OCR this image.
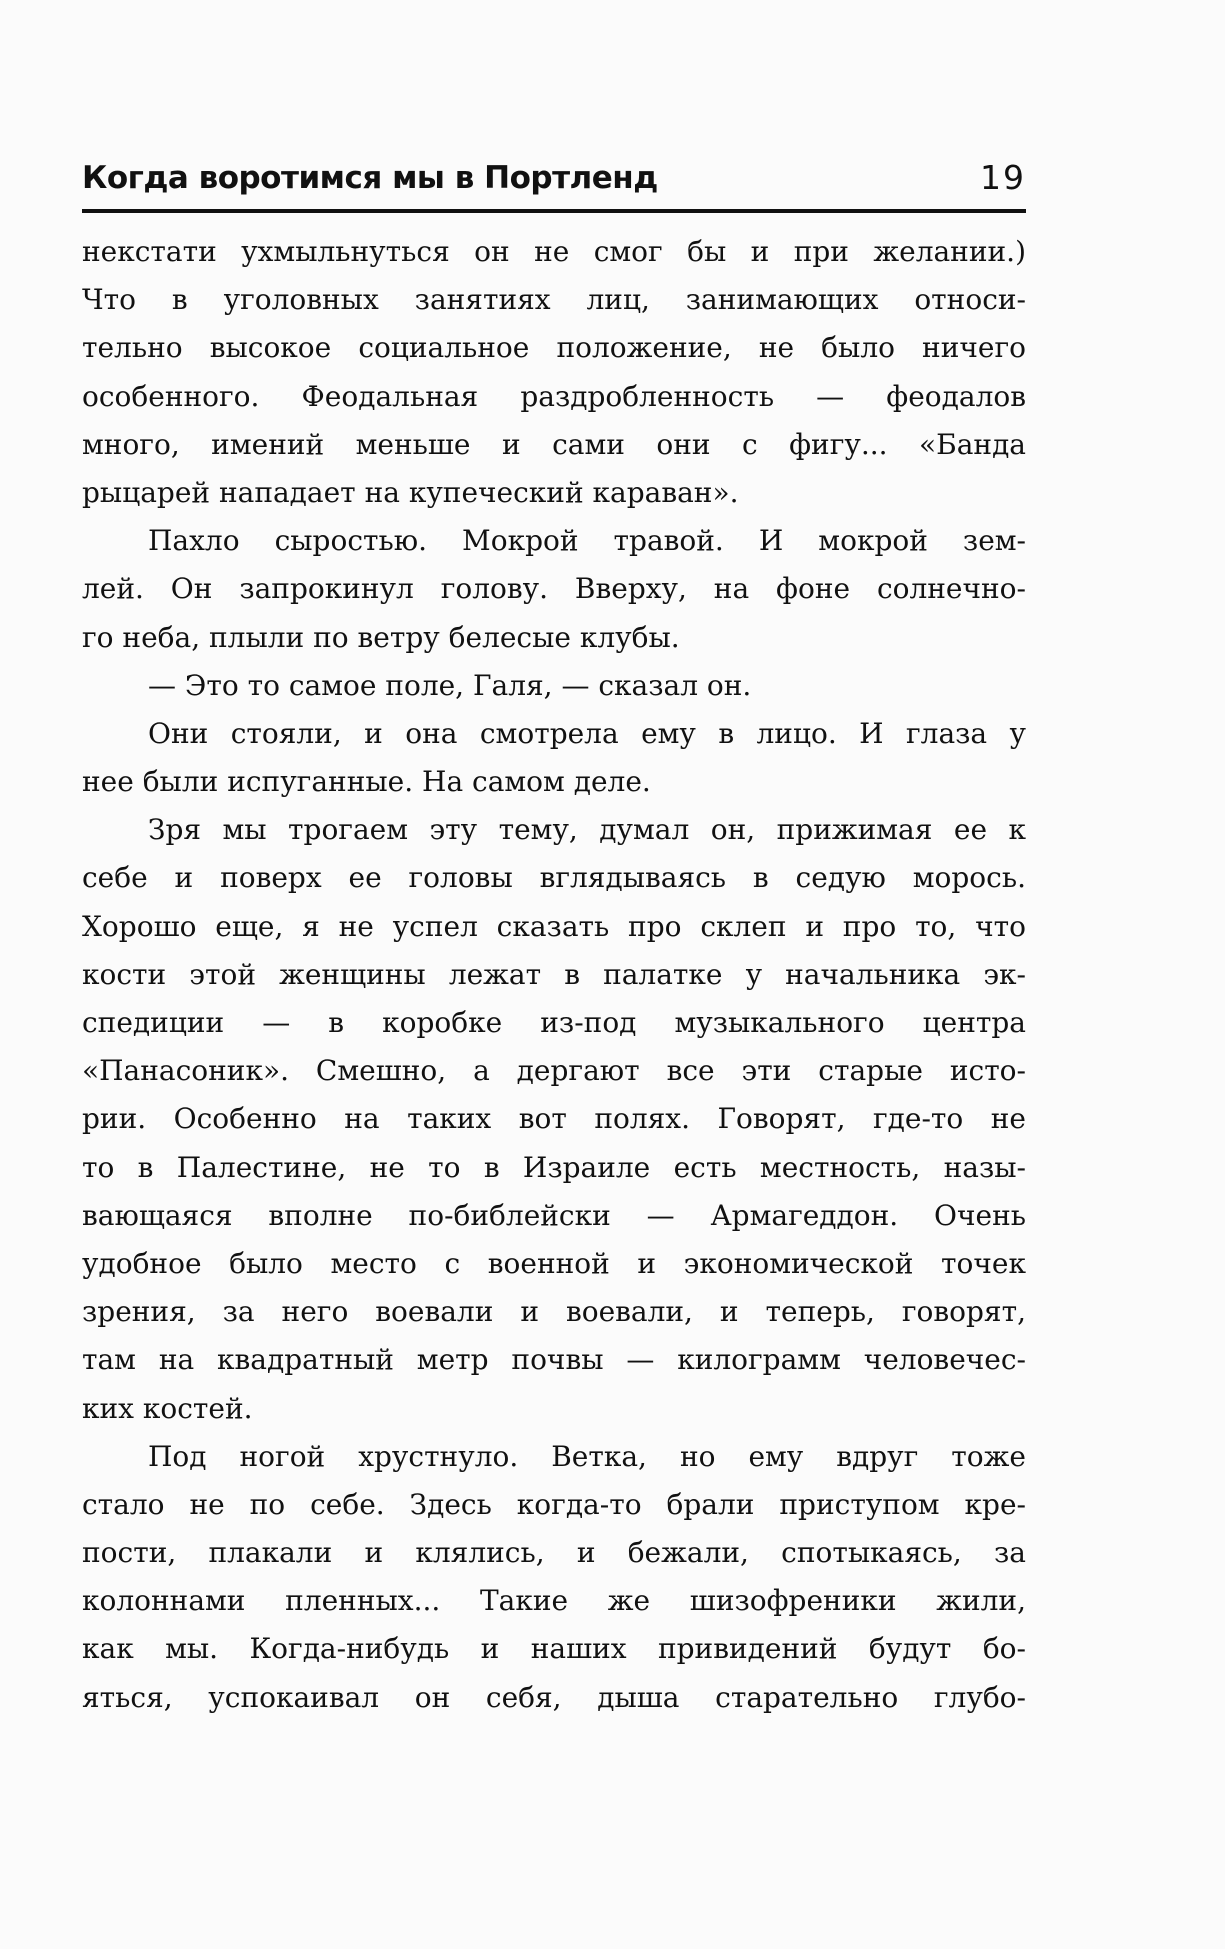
Когда воротимся мы в Портленд	19
некстати ухмыльнуться он не смог бы и при желании.)
Что в уголовных занятиях лиц, занимающих относи-
тельно высокое социальное положение, не было ничего
особенного. Феодальная раздробленность — феодалов
много, имений меньше и сами они с фигу... «Банда
рыцарей нападает на купеческий караван».
Пахло сыростью. Мокрой травой. И мокрой зем-
лей. Он запрокинул голову. Вверху, на фоне солнечно-
го неба, плыли по ветру белесые клубы.
— Это то самое поле, Галя, — сказал он.
Они стояли, и она смотрела ему в лицо. И глаза у
нее были испуганные. На самом деле.
Зря мы трогаем эту тему, думал он, прижимая ее к
себе и поверх ее головы вглядываясь в седую морось.
Хорошо еще, я не успел сказать про склеп и про то, что
кости этой женщины лежат в палатке у начальника эк-
спедиции — в коробке из-под музыкального центра
«Панасоник». Смешно, а дергают все эти старые исто-
рии. Особенно на таких вот полях. Говорят, где-то не
то в Палестине, не то в Израиле есть местность, назы-
вающаяся вполне по-библейски — Армагеддон. Очень
удобное было место с военной и экономической точек
зрения, за него воевали и воевали, и теперь, говорят,
там на квадратный метр почвы — килограмм человечес-
ких костей.
Под ногой хрустнуло. Ветка, но ему вдруг тоже
стало не по себе. Здесь когда-то брали приступом кре-
пости, плакали и клялись, и бежали, спотыкаясь, за
колоннами пленных... Такие же шизофреники жили,
как мы. Когда-нибудь и наших привидений будут бо-
яться, успокаивал он себя, дыша старательно глубо-
